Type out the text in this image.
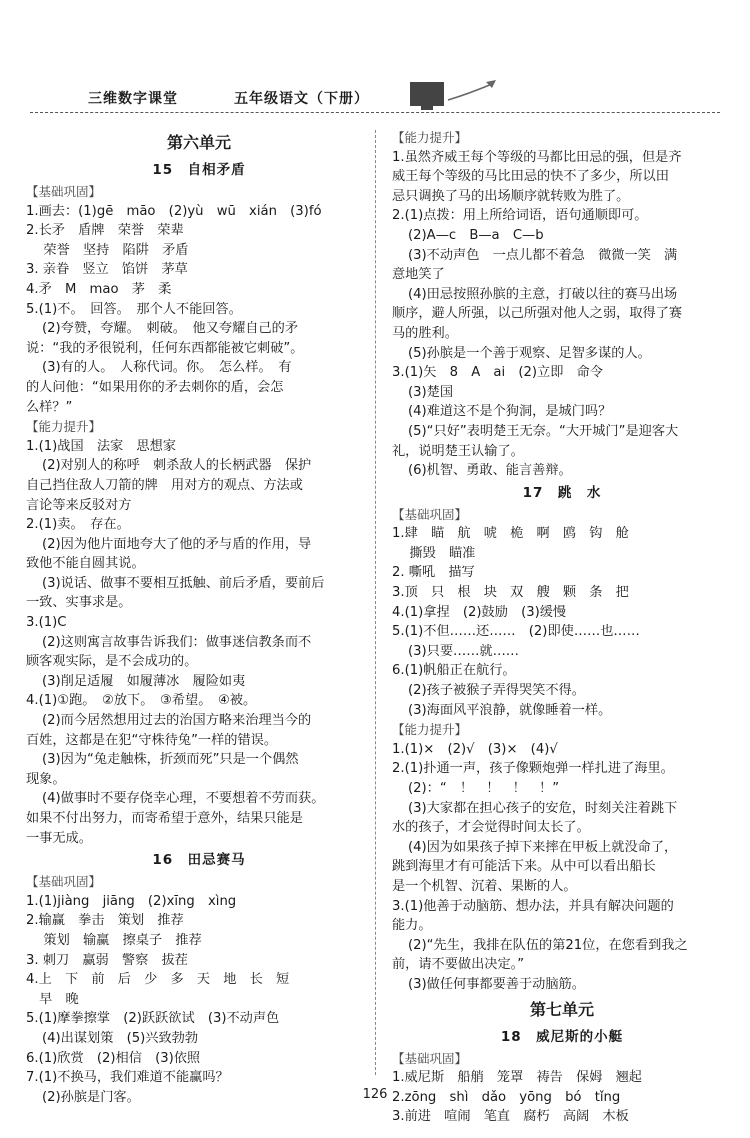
三维数字课堂	五年级语文（下册）
第六单元
15　自相矛盾
【基础巩固】
1.画去：(1)gē　māo　(2)yù　wū　xián　(3)fó
2.长矛　盾牌　荣誉　荣辈
　 荣誉　坚持　陷阱　矛盾
3. 亲眷　竖立　馅饼　茅草
4.矛　M　mao　茅　柔
5.(1)不。　回答。　那个人不能回答。
(2)夸赞，夸耀。　刺破。　他又夸耀自己的矛
说：“我的矛很锐利，任何东西都能被它刺破”。
(3)有的人。　人称代词。你。　怎么样。　有
的人问他：“如果用你的矛去刺你的盾，会怎
么样？”
【能力提升】
1.(1)战国　法家　思想家
(2)对别人的称呼　刺杀敌人的长柄武器　保护
自己挡住敌人刀箭的牌　用对方的观点、方法或
言论等来反驳对方
2.(1)卖。　存在。
(2)因为他片面地夸大了他的矛与盾的作用，导
致他不能自圆其说。
(3)说话、做事不要相互抵触、前后矛盾，要前后
一致、实事求是。
3.(1)C
(2)这则寓言故事告诉我们：做事迷信教条而不
顾客观实际，是不会成功的。
(3)削足适履　如履薄冰　履险如夷
4.(1)①跑。　②放下。　③希望。　④被。
(2)而今居然想用过去的治国方略来治理当今的
百姓，这都是在犯“守株待兔”一样的错误。
(3)因为“兔走触株，折颈而死”只是一个偶然
现象。
(4)做事时不要存侥幸心理，不要想着不劳而获。
如果不付出努力，而寄希望于意外，结果只能是
一事无成。
16　田忌赛马
【基础巩固】
1.(1)jiàng　jiāng　(2)xīng　xìng
2.输赢　拳击　策划　推荐
　 策划　输赢　擦桌子　推荐
3. 刺刀　赢弱　警察　拔茬
4.上　下　前　后　少　多　天　地　长　短
　早　晚
5.(1)摩拳擦掌　(2)跃跃欲试　(3)不动声色
(4)出谋划策　(5)兴致勃勃
6.(1)欣赏　(2)相信　(3)依照
7.(1)不换马，我们难道不能赢吗？
(2)孙膑是门客。
【能力提升】
1.虽然齐威王每个等级的马都比田忌的强，但是齐
威王每个等级的马比田忌的快不了多少，所以田
忌只调换了马的出场顺序就转败为胜了。
2.(1)点拨：用上所给词语，语句通顺即可。
(2)A—c　B—a　C—b
(3)不动声色　一点儿都不着急　微微一笑　满
意地笑了
(4)田忌按照孙膑的主意，打破以往的赛马出场
顺序，避人所强，以己所强对他人之弱，取得了赛
马的胜利。
(5)孙膑是一个善于观察、足智多谋的人。
3.(1)矢　8　A　ai　(2)立即　命令
(3)楚国
(4)难道这不是个狗洞，是城门吗？
(5)“只好”表明楚王无奈。“大开城门”是迎客大
礼，说明楚王认输了。
(6)机智、勇敢、能言善辩。
17　跳　水
【基础巩固】
1.肆　瞄　航　唬　桅　啊　鸥　钩　舱
　 撕毁　瞄准
2. 嘶吼　描写
3.顶　只　根　块　双　艘　颗　条　把
4.(1)拿捏　(2)鼓励　(3)缓慢
5.(1)不但……还……　(2)即使……也……
(3)只要……就……
6.(1)帆船正在航行。
(2)孩子被猴子弄得哭笑不得。
(3)海面风平浪静，就像睡着一样。
【能力提升】
1.(1)×　(2)√　(3)×　(4)√
2.(1)扑通一声，孩子像颗炮弹一样扎进了海里。
(2)：“　！　！　！　！”
(3)大家都在担心孩子的安危，时刻关注着跳下
水的孩子，才会觉得时间太长了。
(4)因为如果孩子掉下来摔在甲板上就没命了，
跳到海里才有可能活下来。从中可以看出船长
是一个机智、沉着、果断的人。
3.(1)他善于动脑筋、想办法，并具有解决问题的
能力。
(2)“先生，我排在队伍的第21位，在您看到我之
前，请不要做出决定。”
(3)做任何事都要善于动脑筋。
第七单元
18　威尼斯的小艇
【基础巩固】
1.威尼斯　船艄　笼罩　祷告　保姆　翘起
2.zōng　shì　dǎo　yōng　bó　tǐng
3.前进　喧闹　笔直　腐朽　高阔　木板
126
